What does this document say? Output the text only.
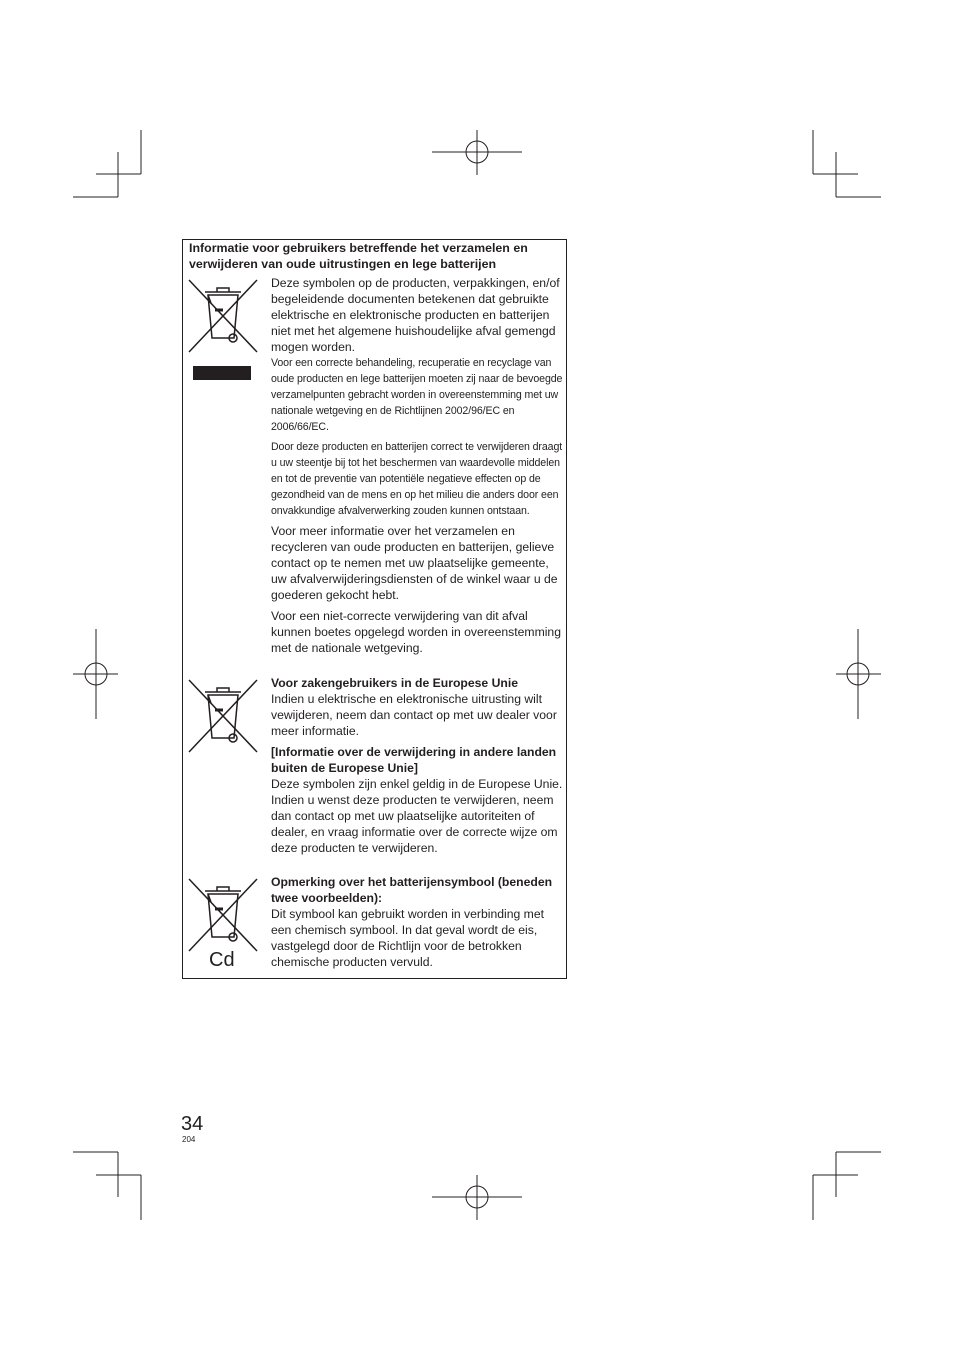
Informatie voor gebruikers betreffende het verzamelen en verwijderen van oude uitrustingen en lege batterijen
Cd

Deze symbolen op de producten, verpakkingen, en/of begeleidende documenten betekenen dat gebruikte elektrische en elektronische producten en batterijen niet met het algemene huishoudelijke afval gemengd mogen worden.

Voor een correcte behandeling, recuperatie en recyclage van oude producten en lege batterijen moeten zij naar de bevoegde verzamelpunten gebracht worden in overeenstemming met uw nationale wetgeving en de Richtlijnen 2002/96/EC en 2006/66/EC.

Door deze producten en batterijen correct te verwijderen draagt u uw steentje bij tot het beschermen van waardevolle middelen en tot de preventie van potentiële negatieve effecten op de gezondheid van de mens en op het milieu die anders door een onvakkundige afvalverwerking zouden kunnen ontstaan.

Voor meer informatie over het verzamelen en recycleren van oude producten en batterijen, gelieve contact op te nemen met uw plaatselijke gemeente, uw afvalverwijderingsdiensten of de winkel waar u de goederen gekocht hebt.

Voor een niet-correcte verwijdering van dit afval kunnen boetes opgelegd worden in overeenstemming met de nationale wetgeving.

Voor zakengebruikers in de Europese Unie

Indien u elektrische en elektronische uitrusting wilt vewijderen, neem dan contact op met uw dealer voor meer informatie.

[Informatie over de verwijdering in andere landen buiten de Europese Unie]

Deze symbolen zijn enkel geldig in de Europese Unie. Indien u wenst deze producten te verwijderen, neem dan contact op met uw plaatselijke autoriteiten of dealer, en vraag informatie over de correcte wijze om deze producten te verwijderen.

Opmerking over het batterijensymbool (beneden twee voorbeelden):

Dit symbool kan gebruikt worden in verbinding met een chemisch symbool. In dat geval wordt de eis, vastgelegd door de Richtlijn voor de betrokken chemische producten vervuld.

34
204
